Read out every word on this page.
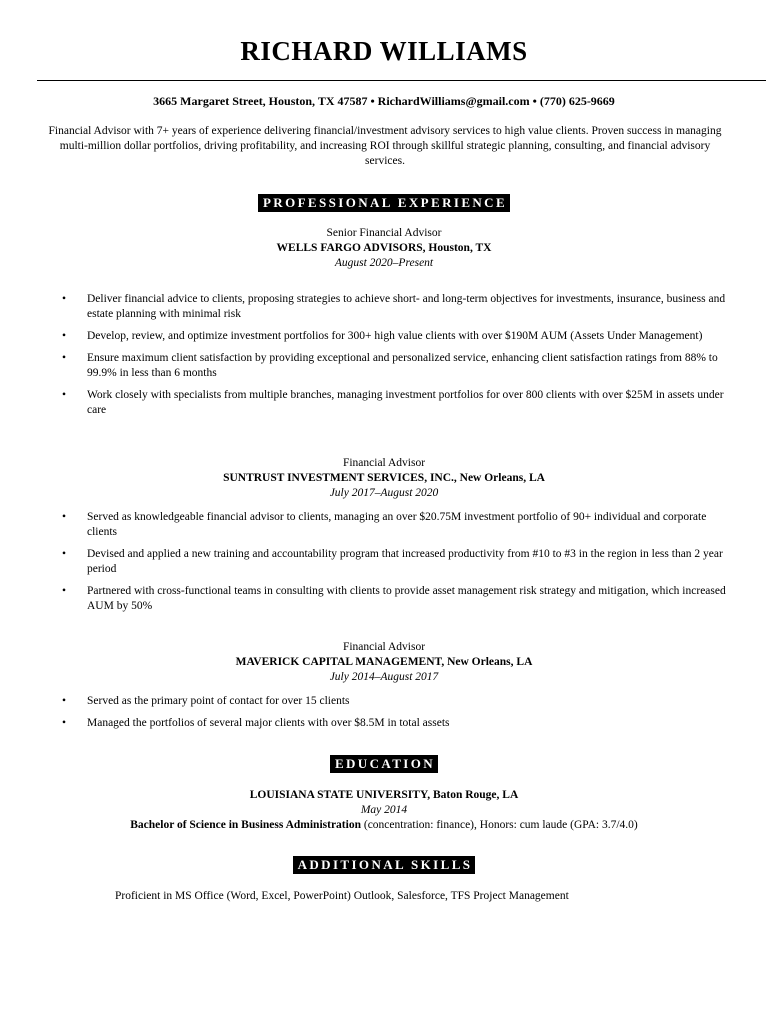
RICHARD WILLIAMS
3665 Margaret Street, Houston, TX 47587 • RichardWilliams@gmail.com • (770) 625-9669
Financial Advisor with 7+ years of experience delivering financial/investment advisory services to high value clients. Proven success in managing multi-million dollar portfolios, driving profitability, and increasing ROI through skillful strategic planning, consulting, and financial advisory services.
PROFESSIONAL EXPERIENCE
Senior Financial Advisor
WELLS FARGO ADVISORS, Houston, TX
August 2020–Present
• Deliver financial advice to clients, proposing strategies to achieve short- and long-term objectives for investments, insurance, business and estate planning with minimal risk
• Develop, review, and optimize investment portfolios for 300+ high value clients with over $190M AUM (Assets Under Management)
• Ensure maximum client satisfaction by providing exceptional and personalized service, enhancing client satisfaction ratings from 88% to 99.9% in less than 6 months
• Work closely with specialists from multiple branches, managing investment portfolios for over 800 clients with over $25M in assets under care
Financial Advisor
SUNTRUST INVESTMENT SERVICES, INC., New Orleans, LA
July 2017–August 2020
• Served as knowledgeable financial advisor to clients, managing an over $20.75M investment portfolio of 90+ individual and corporate clients
• Devised and applied a new training and accountability program that increased productivity from #10 to #3 in the region in less than 2 year period
• Partnered with cross-functional teams in consulting with clients to provide asset management risk strategy and mitigation, which increased AUM by 50%
Financial Advisor
MAVERICK CAPITAL MANAGEMENT, New Orleans, LA
July 2014–August 2017
• Served as the primary point of contact for over 15 clients
• Managed the portfolios of several major clients with over $8.5M in total assets
EDUCATION
LOUISIANA STATE UNIVERSITY, Baton Rouge, LA
May 2014
Bachelor of Science in Business Administration (concentration: finance), Honors: cum laude (GPA: 3.7/4.0)
ADDITIONAL SKILLS
Proficient in MS Office (Word, Excel, PowerPoint) Outlook, Salesforce, TFS Project Management
